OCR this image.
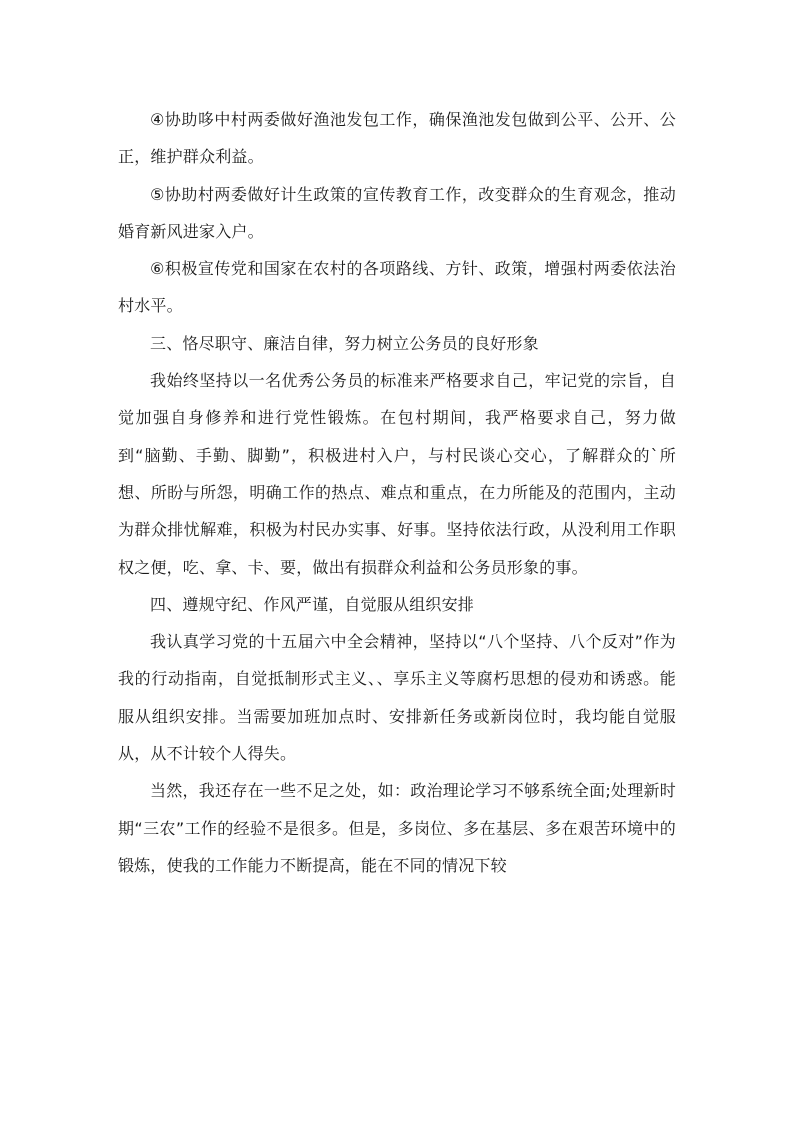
④协助哆中村两委做好渔池发包工作，确保渔池发包做到公平、公开、公正，维护群众利益。

⑤协助村两委做好计生政策的宣传教育工作，改变群众的生育观念，推动婚育新风进家入户。

⑥积极宣传党和国家在农村的各项路线、方针、政策，增强村两委依法治村水平。

三、恪尽职守、廉洁自律，努力树立公务员的良好形象

我始终坚持以一名优秀公务员的标准来严格要求自己，牢记党的宗旨，自觉加强自身修养和进行党性锻炼。在包村期间，我严格要求自己，努力做到“脑勤、手勤、脚勤”，积极进村入户，与村民谈心交心，了解群众的`所想、所盼与所怨，明确工作的热点、难点和重点，在力所能及的范围内，主动为群众排忧解难，积极为村民办实事、好事。坚持依法行政，从没利用工作职权之便，吃、拿、卡、要，做出有损群众利益和公务员形象的事。

四、遵规守纪、作风严谨，自觉服从组织安排

我认真学习党的十五届六中全会精神，坚持以“八个坚持、八个反对”作为我的行动指南，自觉抵制形式主义、、享乐主义等腐朽思想的侵劝和诱惑。能服从组织安排。当需要加班加点时、安排新任务或新岗位时，我均能自觉服从，从不计较个人得失。

当然，我还存在一些不足之处，如：政治理论学习不够系统全面;处理新时期“三农”工作的经验不是很多。但是，多岗位、多在基层、多在艰苦环境中的锻炼，使我的工作能力不断提高，能在不同的情况下较
